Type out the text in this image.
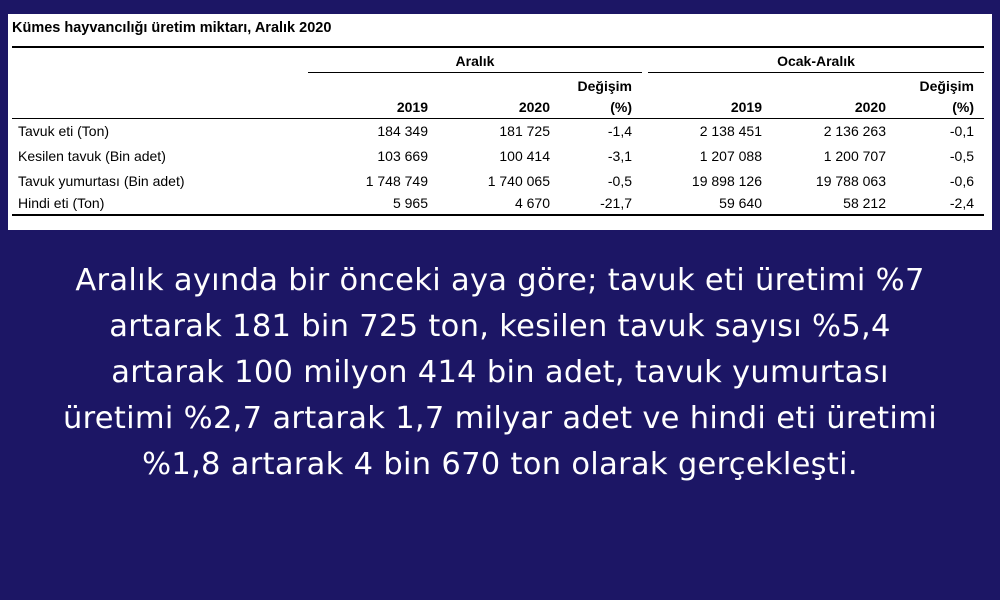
Kümes hayvancılığı üretim miktarı, Aralık 2020
Aralık	Ocak-Aralık
Değişim	Değişim
2019	2020	(%)	2019	2020	(%)
Tavuk eti (Ton)	184 349	181 725	-1,4	2 138 451	2 136 263	-0,1
Kesilen tavuk (Bin adet)	103 669	100 414	-3,1	1 207 088	1 200 707	-0,5
Tavuk yumurtası (Bin adet)	1 748 749	1 740 065	-0,5	19 898 126	19 788 063	-0,6
Hindi eti (Ton)	5 965	4 670	-21,7	59 640	58 212	-2,4
Aralık ayında bir önceki aya göre; tavuk eti üretimi %7 artarak 181 bin 725 ton, kesilen tavuk sayısı %5,4 artarak 100 milyon 414 bin adet, tavuk yumurtası üretimi %2,7 artarak 1,7 milyar adet ve hindi eti üretimi %1,8 artarak 4 bin 670 ton olarak gerçekleşti.
